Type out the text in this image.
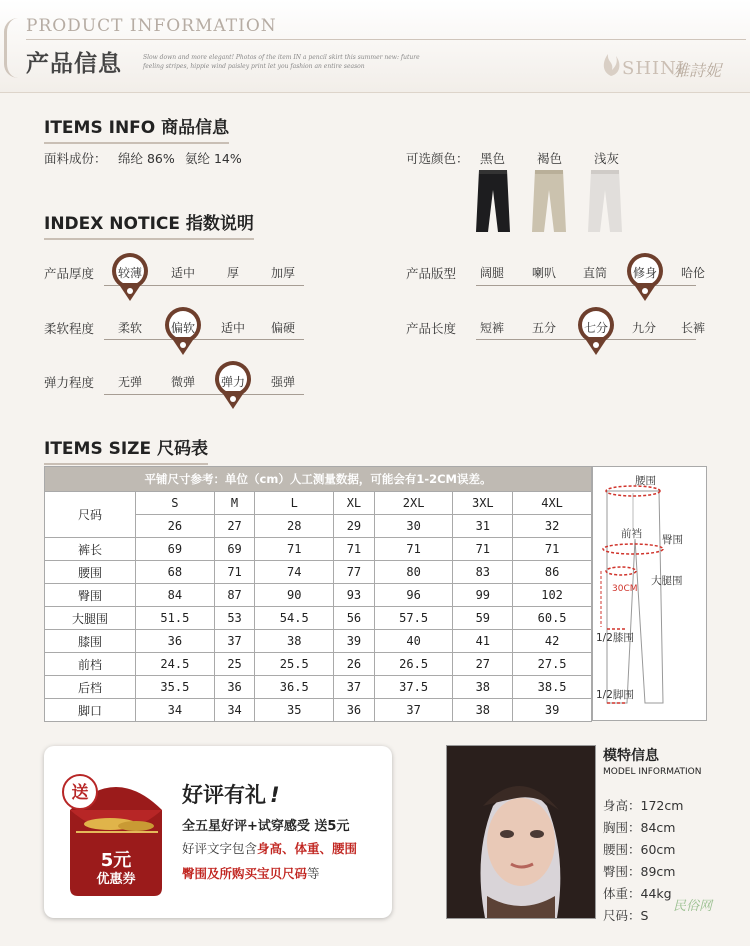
PRODUCT INFORMATION
产品信息	Slow down and more elegant! Photos of the item IN a pencil skirt this summer new: future feeling stripes, hippie wind paisley print let you fashion an entire season	SHINI
雅詩妮
ITEMS INFO 商品信息
面料成份： 绵纶 86% 氨纶 14%	可选颜色： 黑色	褐色	浅灰
INDEX NOTICE 指数说明
产品厚度	较薄	适中	厚	加厚
柔软程度	柔软	偏软	适中	偏硬
弹力程度	无弹	微弹	弹力	强弹
产品版型	阔腿	喇叭	直筒	修身	哈伦
产品长度	短裤	五分	七分	九分	长裤
ITEMS SIZE 尺码表
平铺尺寸参考：单位（cm）人工测量数据，可能会有1-2CM误差。							
尺码	S	M	L	XL	2XL	3XL	4XL
	26	27	28	29	30	31	32
裤长	69	69	71	71	71	71	71
腰围	68	71	74	77	80	83	86
臀围	84	87	90	93	96	99	102
大腿围	51.5	53	54.5	56	57.5	59	60.5
膝围	36	37	38	39	40	41	42
前档	24.5	25	25.5	26	26.5	27	27.5
后档	35.5	36	36.5	37	37.5	38	38.5
脚口	34	34	35	36	37	38	39
腰围
前裆 臀围
大腿围
30CM
1/2膝围
1/2脚围
送
5元
优惠券
好评有礼 !
全五星好评+试穿感受 送5元
好评文字包含身高、体重、腰围
臀围及所购买宝贝尺码等
模特信息
MODEL INFORMATION
身高：172cm
胸围：84cm
腰围：60cm
臀围：89cm
体重：44kg
尺码：S
民俗网
